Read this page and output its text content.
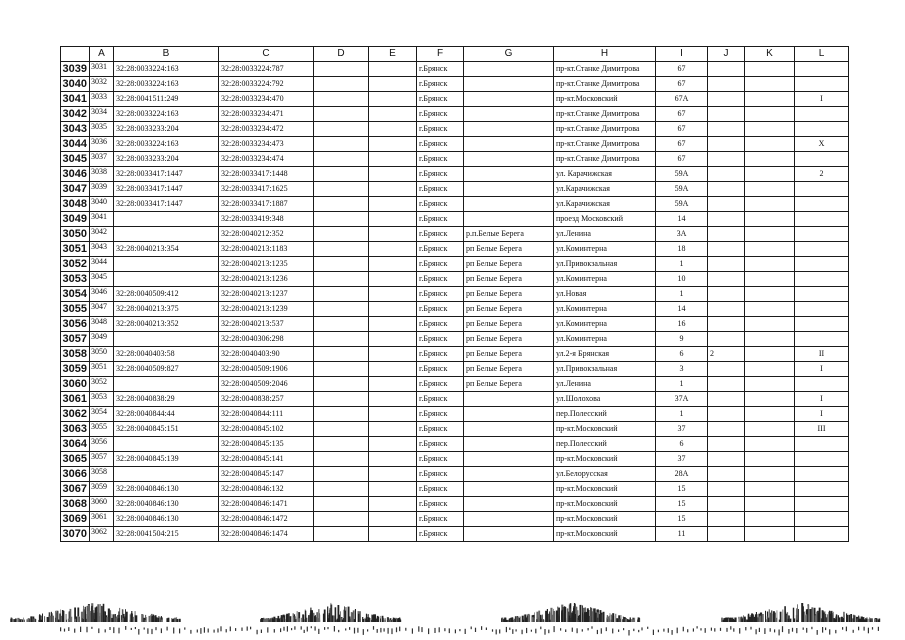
	A	B	C	D	E	F	G	H	I	J	K	L
3039	3031	32:28:0033224:163	32:28:0033224:787			г.Брянск		пр-кт.Станке Димитрова	67			
3040	3032	32:28:0033224:163	32:28:0033224:792			г.Брянск		пр-кт.Станке Димитрова	67			
3041	3033	32:28:0041511:249	32:28:0033234:470			г.Брянск		пр-кт.Московский	67А			I
3042	3034	32:28:0033224:163	32:28:0033234:471			г.Брянск		пр-кт.Станке Димитрова	67			
3043	3035	32:28:0033233:204	32:28:0033234:472			г.Брянск		пр-кт.Станке Димитрова	67			
3044	3036	32:28:0033224:163	32:28:0033234:473			г.Брянск		пр-кт.Станке Димитрова	67			X
3045	3037	32:28:0033233:204	32:28:0033234:474			г.Брянск		пр-кт.Станке Димитрова	67			
3046	3038	32:28:0033417:1447	32:28:0033417:1448			г.Брянск		ул. Карачижская	59А			2
3047	3039	32:28:0033417:1447	32:28:0033417:1625			г.Брянск		ул.Карачижская	59А			
3048	3040	32:28:0033417:1447	32:28:0033417:1887			г.Брянск		ул.Карачижская	59А			
3049	3041		32:28:0033419:348			г.Брянск		проезд Московский	14			
3050	3042		32:28:0040212:352			г.Брянск	р.п.Белые Берега	ул.Ленина	3А			
3051	3043	32:28:0040213:354	32:28:0040213:1183			г.Брянск	рп Белые Берега	ул.Коминтерна	18			
3052	3044		32:28:0040213:1235			г.Брянск	рп Белые Берега	ул.Привокзальная	1			
3053	3045		32:28:0040213:1236			г.Брянск	рп Белые Берега	ул.Коминтерна	10			
3054	3046	32:28:0040509:412	32:28:0040213:1237			г.Брянск	рп Белые Берега	ул.Новая	1			
3055	3047	32:28:0040213:375	32:28:0040213:1239			г.Брянск	рп Белые Берега	ул.Коминтерна	14			
3056	3048	32:28:0040213:352	32:28:0040213:537			г.Брянск	рп Белые Берега	ул.Коминтерна	16			
3057	3049		32:28:0040306:298			г.Брянск	рп Белые Берега	ул.Коминтерна	9			
3058	3050	32:28:0040403:58	32:28:0040403:90			г.Брянск	рп Белые Берега	ул.2-я Брянская	6	2		II
3059	3051	32:28:0040509:827	32:28:0040509:1906			г.Брянск	рп Белые Берега	ул.Привокзальная	3			I
3060	3052		32:28:0040509:2046			г.Брянск	рп Белые Берега	ул.Ленина	1			
3061	3053	32:28:0040838:29	32:28:0040838:257			г.Брянск		ул.Шолохова	37А			I
3062	3054	32:28:0040844:44	32:28:0040844:111			г.Брянск		пер.Полесский	1			I
3063	3055	32:28:0040845:151	32:28:0040845:102			г.Брянск		пр-кт.Московский	37			III
3064	3056		32:28:0040845:135			г.Брянск		пер.Полесский	6			
3065	3057	32:28:0040845:139	32:28:0040845:141			г.Брянск		пр-кт.Московский	37			
3066	3058		32:28:0040845:147			г.Брянск		ул.Белорусская	28А			
3067	3059	32:28:0040846:130	32:28:0040846:132			г.Брянск		пр-кт.Московский	15			
3068	3060	32:28:0040846:130	32:28:0040846:1471			г.Брянск		пр-кт.Московский	15			
3069	3061	32:28:0040846:130	32:28:0040846:1472			г.Брянск		пр-кт.Московский	15			
3070	3062	32:28:0041504:215	32:28:0040846:1474			г.Брянск		пр-кт.Московский	11			
